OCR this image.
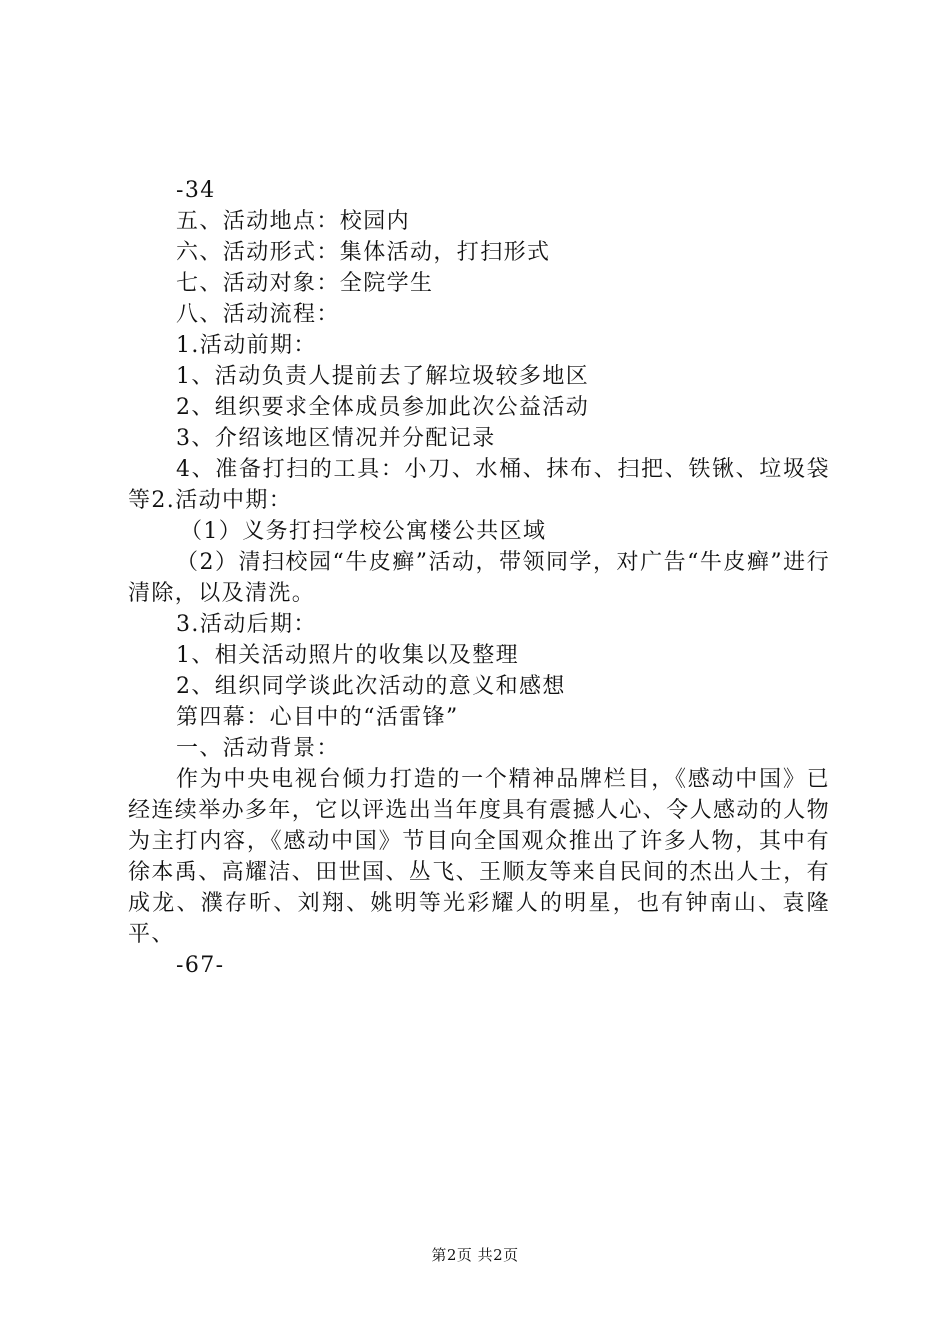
-34
五、活动地点：校园内
六、活动形式：集体活动，打扫形式
七、活动对象：全院学生
八、活动流程：
1.活动前期：
1、活动负责人提前去了解垃圾较多地区
2、组织要求全体成员参加此次公益活动
3、介绍该地区情况并分配记录
4、准备打扫的工具：小刀、水桶、抹布、扫把、铁锹、垃圾袋等2.活动中期：
（1）义务打扫学校公寓楼公共区域
（2）清扫校园“牛皮癣”活动，带领同学，对广告“牛皮癣”进行清除，以及清洗。
3.活动后期：
1、相关活动照片的收集以及整理
2、组织同学谈此次活动的意义和感想
第四幕：心目中的“活雷锋”
一、活动背景：
作为中央电视台倾力打造的一个精神品牌栏目，《感动中国》已经连续举办多年，它以评选出当年度具有震撼人心、令人感动的人物为主打内容，《感动中国》节目向全国观众推出了许多人物，其中有徐本禹、高耀洁、田世国、丛飞、王顺友等来自民间的杰出人士，有成龙、濮存昕、刘翔、姚明等光彩耀人的明星，也有钟南山、袁隆平、
-67-
第2页 共2页
